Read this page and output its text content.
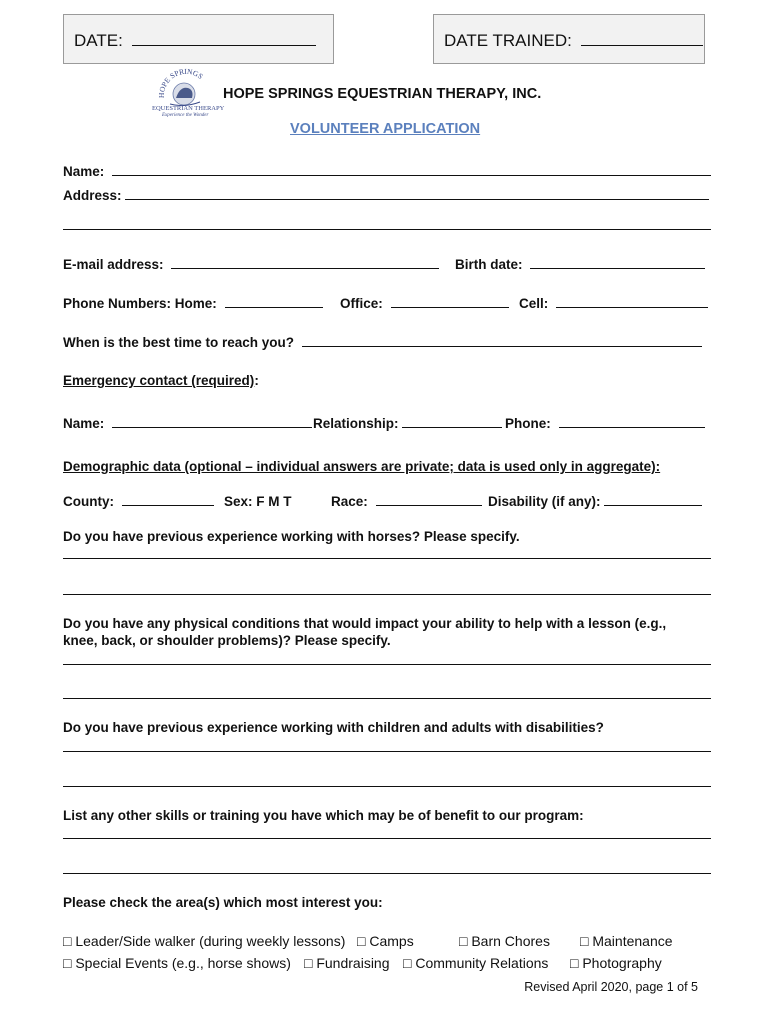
DATE:	DATE TRAINED:
HOPE SPRINGS
EQUESTRIAN THERAPY
Experience the Wonder
HOPE SPRINGS EQUESTRIAN THERAPY, INC.
VOLUNTEER APPLICATION
Name:
Address:
E-mail address:	Birth date:
Phone Numbers: Home:	Office:	Cell:
When is the best time to reach you?
Emergency contact (required):
Name:	Relationship:	Phone:
Demographic data (optional – individual answers are private; data is used only in aggregate):
County:	Sex: F M T	Race:	Disability (if any):
Do you have previous experience working with horses? Please specify.
Do you have any physical conditions that would impact your ability to help with a lesson (e.g.,
knee, back, or shoulder problems)? Please specify.
Do you have previous experience working with children and adults with disabilities?
List any other skills or training you have which may be of benefit to our program:
Please check the area(s) which most interest you:
□ Leader/Side walker (during weekly lessons) □ Camps	□ Barn Chores □ Maintenance
□ Special Events (e.g., horse shows) □ Fundraising □ Community Relations □ Photography
Revised April 2020, page 1 of 5
